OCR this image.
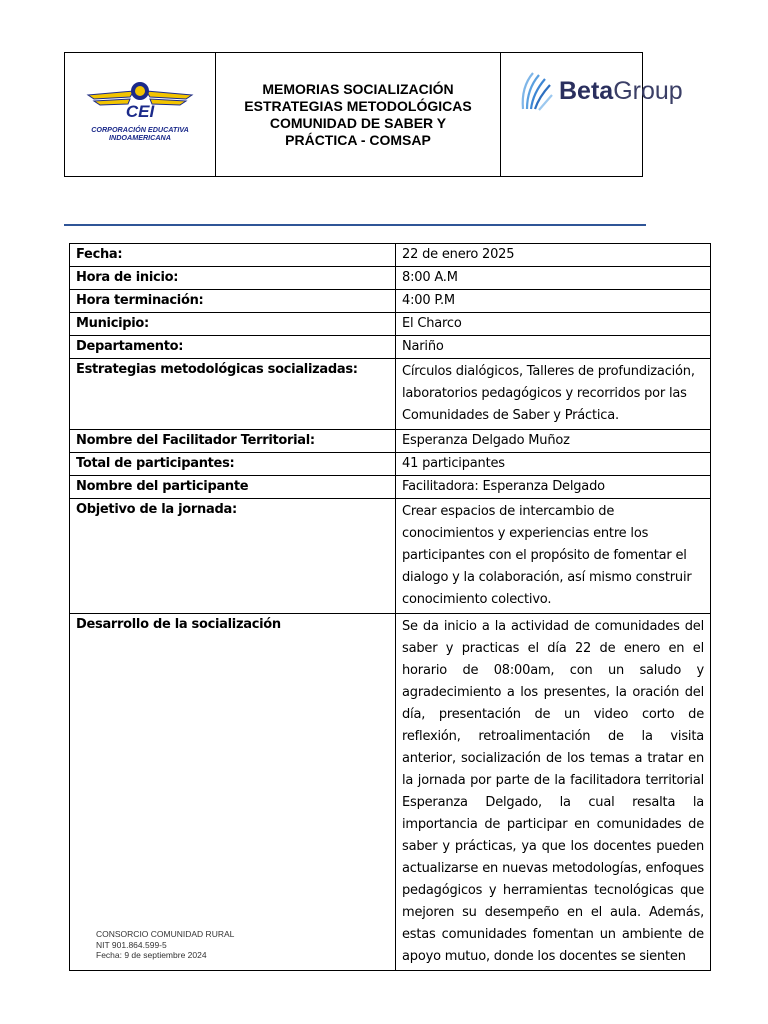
CEI
CORPORACIÓN EDUCATIVA
INDOAMERICANA
MEMORIAS SOCIALIZACIÓN
ESTRATEGIAS METODOLÓGICAS
COMUNIDAD DE SABER Y
PRÁCTICA - COMSAP
BetaGroup
Fecha:	22 de enero 2025
Hora de inicio:	8:00 A.M
Hora terminación:	4:00 P.M
Municipio:	El Charco
Departamento:	Nariño
Estrategias metodológicas socializadas:	Círculos dialógicos, Talleres de profundización, laboratorios pedagógicos y recorridos por las Comunidades de Saber y Práctica.
Nombre del Facilitador Territorial:	Esperanza Delgado Muñoz
Total de participantes:	41 participantes
Nombre del participante	Facilitadora: Esperanza Delgado
Objetivo de la jornada:	Crear espacios de intercambio de conocimientos y experiencias entre los participantes con el propósito de fomentar el dialogo y la colaboración, así mismo construir conocimiento colectivo.
Desarrollo de la socialización	Se da inicio a la actividad de comunidades del saber y practicas el día 22 de enero en el horario de 08:00am, con un saludo y agradecimiento a los presentes, la oración del día, presentación de un video corto de reflexión, retroalimentación de la visita anterior, socialización de los temas a tratar en la jornada por parte de la facilitadora territorial Esperanza Delgado, la cual resalta la importancia de participar en comunidades de saber y prácticas, ya que los docentes pueden actualizarse en nuevas metodologías, enfoques pedagógicos y herramientas tecnológicas que mejoren su desempeño en el aula. Además, estas comunidades fomentan un ambiente de apoyo mutuo, donde los docentes se sienten
CONSORCIO COMUNIDAD RURAL
NIT 901.864.599-5
Fecha: 9 de septiembre 2024
